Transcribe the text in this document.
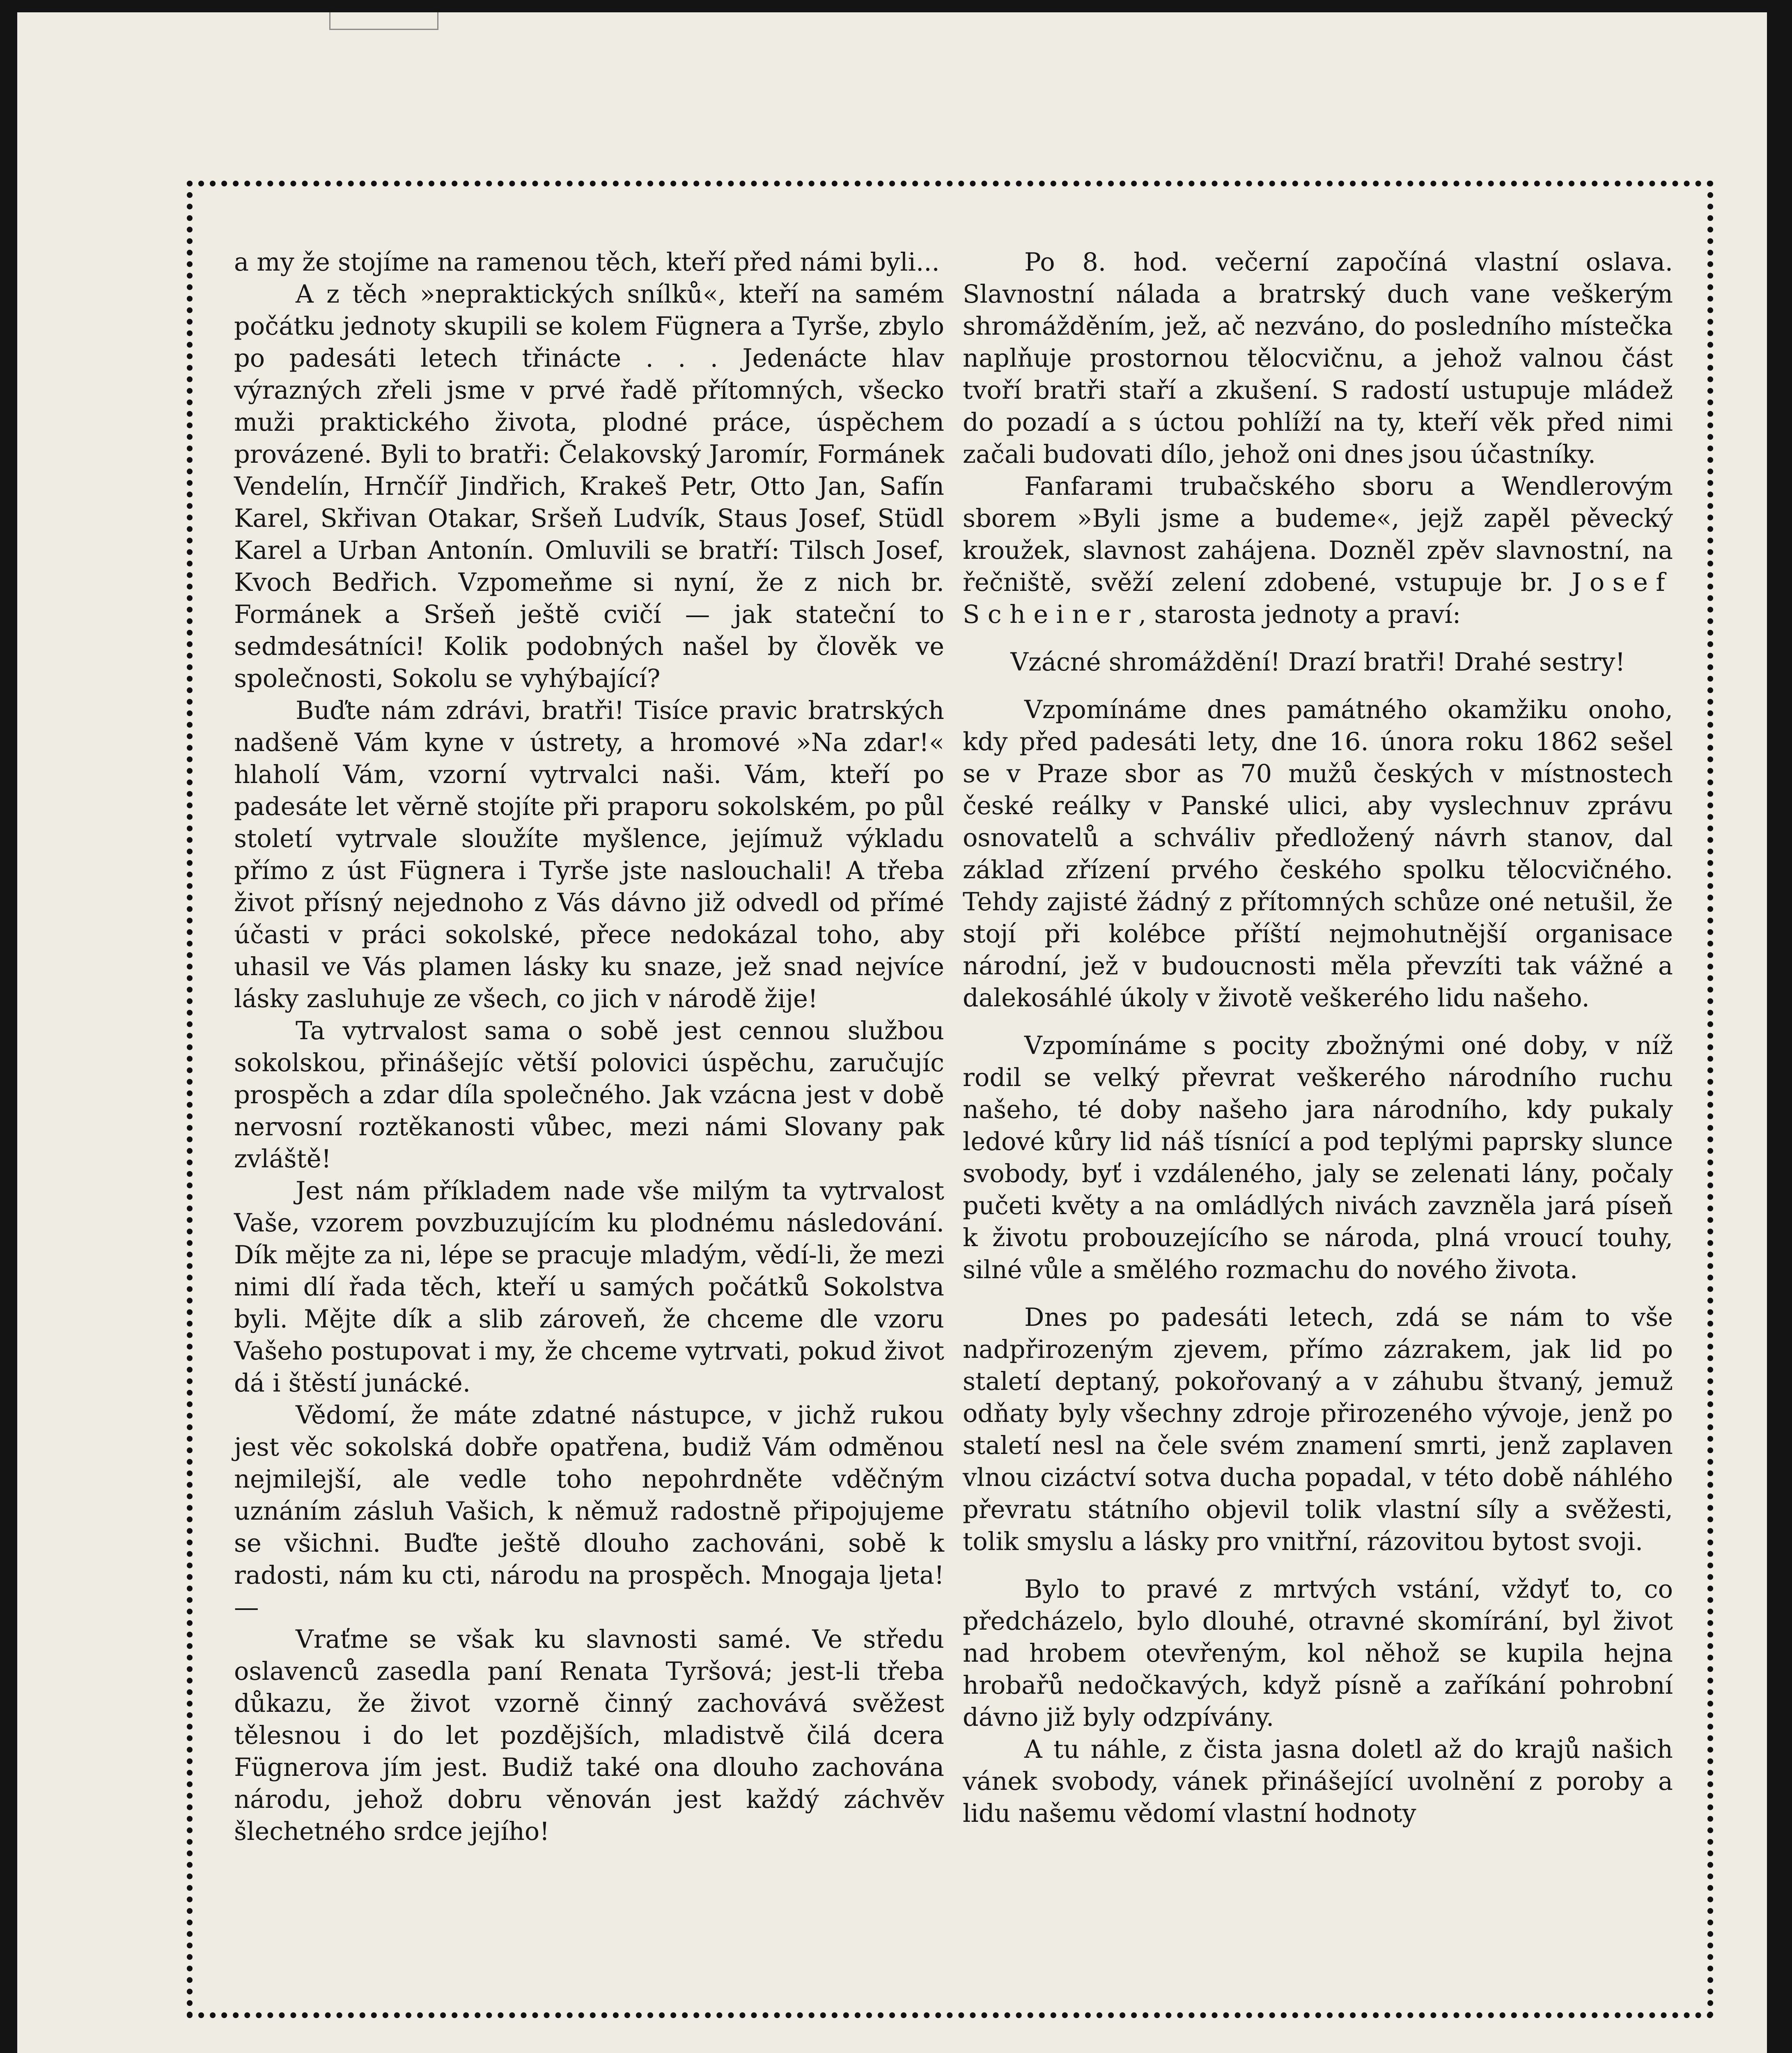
a my že stojíme na ramenou těch, kteří před námi byli...

A z těch »nepraktických snílků«, kteří na samém počátku jednoty skupili se kolem Fügnera a Tyrše, zbylo po padesáti letech třinácte . . . Jedenácte hlav výrazných zřeli jsme v prvé řadě přítomných, všecko muži praktického života, plodné práce, úspěchem provázené. Byli to bratři: Čelakovský Jaromír, Formánek Vendelín, Hrnčíř Jindřich, Krakeš Petr, Otto Jan, Safín Karel, Skřivan Otakar, Sršeň Ludvík, Staus Josef, Stüdl Karel a Urban Antonín. Omluvili se bratří: Tilsch Josef, Kvoch Bedřich. Vzpomeňme si nyní, že z nich br. Formánek a Sršeň ještě cvičí — jak stateční to sedmdesátníci! Kolik podobných našel by člověk ve společnosti, Sokolu se vyhýbající?

Buďte nám zdrávi, bratři! Tisíce pravic bratrských nadšeně Vám kyne v ústrety, a hromové »Na zdar!« hlaholí Vám, vzorní vytrvalci naši. Vám, kteří po padesáte let věrně stojíte při praporu sokolském, po půl století vytrvale sloužíte myšlence, jejímuž výkladu přímo z úst Fügnera i Tyrše jste naslouchali! A třeba život přísný nejednoho z Vás dávno již odvedl od přímé účasti v práci sokolské, přece nedokázal toho, aby uhasil ve Vás plamen lásky ku snaze, jež snad nejvíce lásky zasluhuje ze všech, co jich v národě žije!

Ta vytrvalost sama o sobě jest cennou službou sokolskou, přinášejíc větší polovici úspěchu, zaručujíc prospěch a zdar díla společného. Jak vzácna jest v době nervosní roztěkanosti vůbec, mezi námi Slovany pak zvláště!

Jest nám příkladem nade vše milým ta vytrvalost Vaše, vzorem povzbuzujícím ku plodnému následování. Dík mějte za ni, lépe se pracuje mladým, vědí-li, že mezi nimi dlí řada těch, kteří u samých počátků Sokolstva byli. Mějte dík a slib zároveň, že chceme dle vzoru Vašeho postupovat i my, že chceme vytrvati, pokud život dá i štěstí junácké.

Vědomí, že máte zdatné nástupce, v jichž rukou jest věc sokolská dobře opatřena, budiž Vám odměnou nejmilejší, ale vedle toho nepohrdněte vděčným uznáním zásluh Vašich, k němuž radostně připojujeme se všichni. Buďte ještě dlouho zachováni, sobě k radosti, nám ku cti, národu na prospěch. Mnogaja ljeta! —

Vraťme se však ku slavnosti samé. Ve středu oslavenců zasedla paní Renata Tyršová; jest-li třeba důkazu, že život vzorně činný zachovává svěžest tělesnou i do let pozdějších, mladistvě čilá dcera Fügnerova jím jest. Budiž také ona dlouho zachována národu, jehož dobru věnován jest každý záchvěv šlechetného srdce jejího!

Po 8. hod. večerní započíná vlastní oslava. Slavnostní nálada a bratrský duch vane veškerým shromážděním, jež, ač nezváno, do posledního místečka naplňuje prostornou tělocvičnu, a jehož valnou část tvoří bratři staří a zkušení. S radostí ustupuje mládež do pozadí a s úctou pohlíží na ty, kteří věk před nimi začali budovati dílo, jehož oni dnes jsou účastníky.

Fanfarami trubačského sboru a Wendlerovým sborem »Byli jsme a budeme«, jejž zapěl pěvecký kroužek, slavnost zahájena. Dozněl zpěv slavnostní, na řečniště, svěží zelení zdobené, vstupuje br. Josef Scheiner, starosta jednoty a praví:

Vzácné shromáždění! Drazí bratři! Drahé sestry!

Vzpomínáme dnes památného okamžiku onoho, kdy před padesáti lety, dne 16. února roku 1862 sešel se v Praze sbor as 70 mužů českých v místnostech české reálky v Panské ulici, aby vyslechnuv zprávu osnovatelů a schváliv předložený návrh stanov, dal základ zřízení prvého českého spolku tělocvičného. Tehdy zajisté žádný z přítomných schůze oné netušil, že stojí při kolébce příští nejmohutnější organisace národní, jež v budoucnosti měla převzíti tak vážné a dalekosáhlé úkoly v životě veškerého lidu našeho.

Vzpomínáme s pocity zbožnými oné doby, v níž rodil se velký převrat veškerého národního ruchu našeho, té doby našeho jara národního, kdy pukaly ledové kůry lid náš tísnící a pod teplými paprsky slunce svobody, byť i vzdáleného, jaly se zelenati lány, počaly pučeti květy a na omládlých nivách zavzněla jará píseň k životu probouzejícího se národa, plná vroucí touhy, silné vůle a smělého rozmachu do nového života.

Dnes po padesáti letech, zdá se nám to vše nadpřirozeným zjevem, přímo zázrakem, jak lid po staletí deptaný, pokořovaný a v záhubu štvaný, jemuž odňaty byly všechny zdroje přirozeného vývoje, jenž po staletí nesl na čele svém znamení smrti, jenž zaplaven vlnou cizáctví sotva ducha popadal, v této době náhlého převratu státního objevil tolik vlastní síly a svěžesti, tolik smyslu a lásky pro vnitřní, rázovitou bytost svoji.

Bylo to pravé z mrtvých vstání, vždyť to, co předcházelo, bylo dlouhé, otravné skomírání, byl život nad hrobem otevřeným, kol něhož se kupila hejna hrobařů nedočkavých, když písně a zaříkání pohrobní dávno již byly odzpívány.

A tu náhle, z čista jasna doletl až do krajů našich vánek svobody, vánek přinášející uvolnění z poroby a lidu našemu vědomí vlastní hodnoty
